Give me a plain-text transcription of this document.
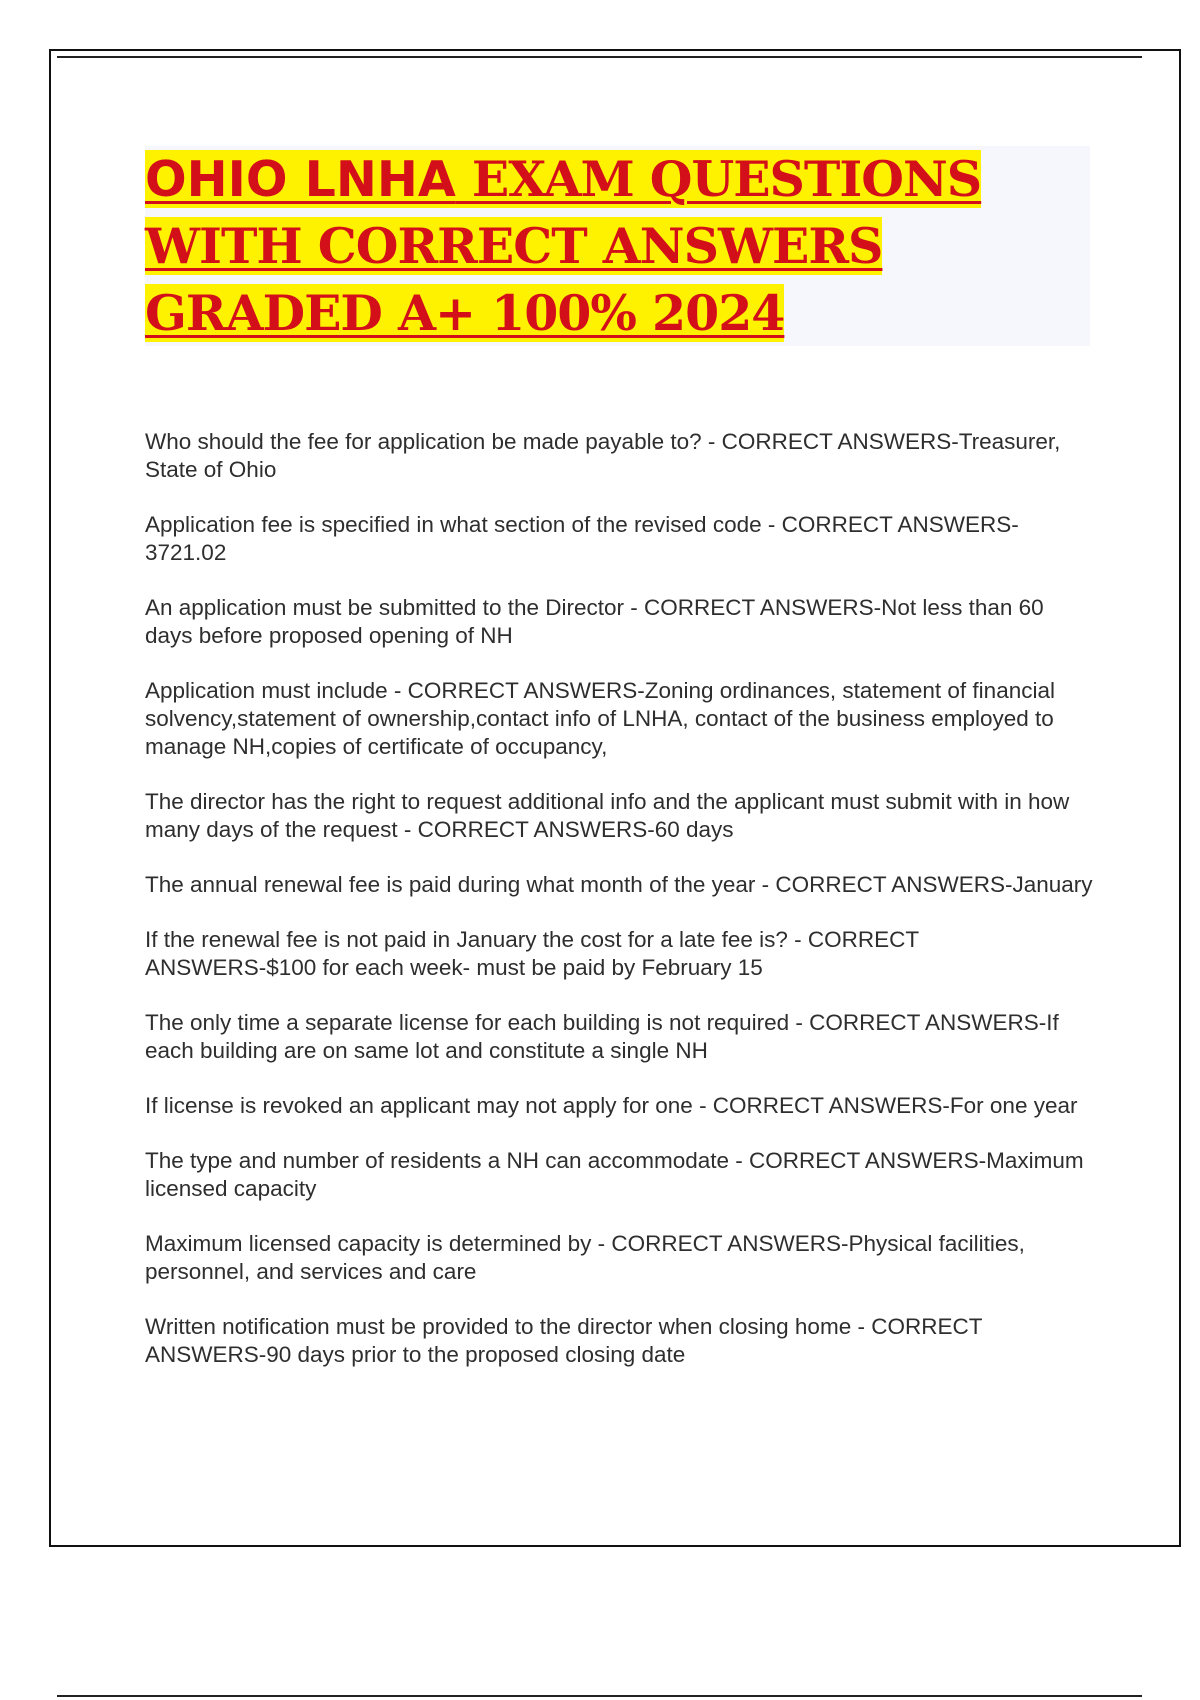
OHIO LNHA EXAM QUESTIONS WITH CORRECT ANSWERS GRADED A+ 100% 2024
Who should the fee for application be made payable to? - CORRECT ANSWERS-Treasurer, State of Ohio
Application fee is specified in what section of the revised code - CORRECT ANSWERS-3721.02
An application must be submitted to the Director - CORRECT ANSWERS-Not less than 60 days before proposed opening of NH
Application must include - CORRECT ANSWERS-Zoning ordinances, statement of financial solvency,statement of ownership,contact info of LNHA, contact of the business employed to manage NH,copies of certificate of occupancy,
The director has the right to request additional info and the applicant must submit with in how many days of the request - CORRECT ANSWERS-60 days
The annual renewal fee is paid during what month of the year - CORRECT ANSWERS-January
If the renewal fee is not paid in January the cost for a late fee is? - CORRECT ANSWERS-$100 for each week- must be paid by February 15
The only time a separate license for each building is not required - CORRECT ANSWERS-If each building are on same lot and constitute a single NH
If license is revoked an applicant may not apply for one - CORRECT ANSWERS-For one year
The type and number of residents a NH can accommodate - CORRECT ANSWERS-Maximum licensed capacity
Maximum licensed capacity is determined by - CORRECT ANSWERS-Physical facilities, personnel, and services and care
Written notification must be provided to the director when closing home - CORRECT ANSWERS-90 days prior to the proposed closing date
